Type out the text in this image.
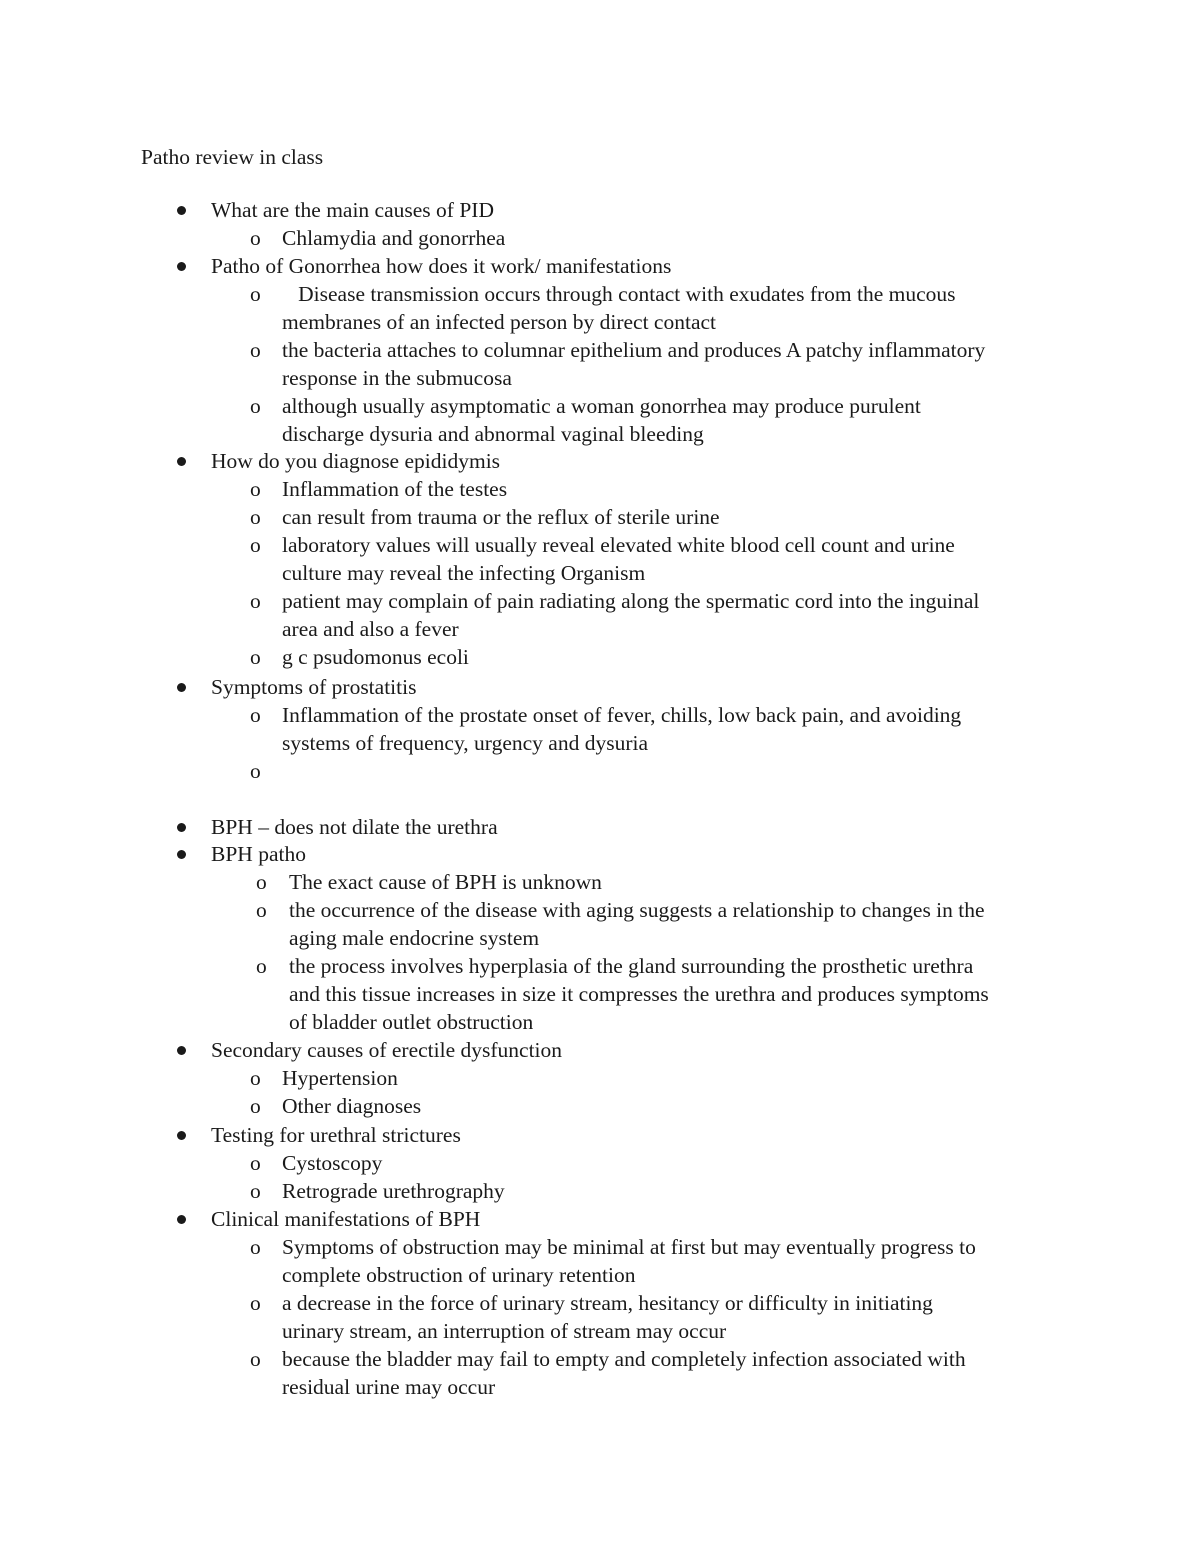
Patho review in class
What are the main causes of PID
o Chlamydia and gonorrhea
Patho of Gonorrhea how does it work/ manifestations
o Disease transmission occurs through contact with exudates from the mucous
membranes of an infected person by direct contact
o the bacteria attaches to columnar epithelium and produces A patchy inflammatory
response in the submucosa
o although usually asymptomatic a woman gonorrhea may produce purulent
discharge dysuria and abnormal vaginal bleeding
How do you diagnose epididymis
o Inflammation of the testes
o can result from trauma or the reflux of sterile urine
o laboratory values will usually reveal elevated white blood cell count and urine
culture may reveal the infecting Organism
o patient may complain of pain radiating along the spermatic cord into the inguinal
area and also a fever
o g c psudomonus ecoli
Symptoms of prostatitis
o Inflammation of the prostate onset of fever, chills, low back pain, and avoiding
systems of frequency, urgency and dysuria
o
BPH – does not dilate the urethra
BPH patho
o The exact cause of BPH is unknown
o the occurrence of the disease with aging suggests a relationship to changes in the
aging male endocrine system
o the process involves hyperplasia of the gland surrounding the prosthetic urethra
and this tissue increases in size it compresses the urethra and produces symptoms
of bladder outlet obstruction
Secondary causes of erectile dysfunction
o Hypertension
o Other diagnoses
Testing for urethral strictures
o Cystoscopy
o Retrograde urethrography
Clinical manifestations of BPH
o Symptoms of obstruction may be minimal at first but may eventually progress to
complete obstruction of urinary retention
o a decrease in the force of urinary stream, hesitancy or difficulty in initiating
urinary stream, an interruption of stream may occur
o because the bladder may fail to empty and completely infection associated with
residual urine may occur
